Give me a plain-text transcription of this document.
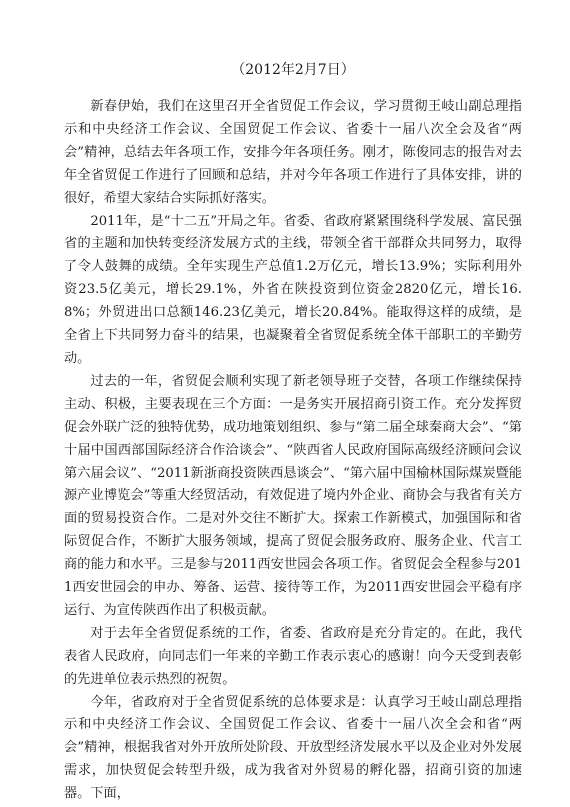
（2012年2月7日）

新春伊始，我们在这里召开全省贸促工作会议，学习贯彻王岐山副总理指示和中央经济工作会议、全国贸促工作会议、省委十一届八次全会及省“两会”精神，总结去年各项工作，安排今年各项任务。刚才，陈俊同志的报告对去年全省贸促工作进行了回顾和总结，并对今年各项工作进行了具体安排，讲的很好，希望大家结合实际抓好落实。

2011年，是“十二五”开局之年。省委、省政府紧紧围绕科学发展、富民强省的主题和加快转变经济发展方式的主线，带领全省干部群众共同努力，取得了令人鼓舞的成绩。全年实现生产总值1.2万亿元，增长13.9%；实际利用外资23.5亿美元，增长29.1%，外省在陕投资到位资金2820亿元，增长16.8%；外贸进出口总额146.23亿美元，增长20.84%。能取得这样的成绩，是全省上下共同努力奋斗的结果，也凝聚着全省贸促系统全体干部职工的辛勤劳动。

过去的一年，省贸促会顺利实现了新老领导班子交替，各项工作继续保持主动、积极，主要表现在三个方面：一是务实开展招商引资工作。充分发挥贸促会外联广泛的独特优势，成功地策划组织、参与“第二届全球秦商大会”、“第十届中国西部国际经济合作洽谈会”、“陕西省人民政府国际高级经济顾问会议第六届会议”、“2011新浙商投资陕西恳谈会”、“第六届中国榆林国际煤炭暨能源产业博览会”等重大经贸活动，有效促进了境内外企业、商协会与我省有关方面的贸易投资合作。二是对外交往不断扩大。探索工作新模式，加强国际和省际贸促合作，不断扩大服务领域，提高了贸促会服务政府、服务企业、代言工商的能力和水平。三是参与2011西安世园会各项工作。省贸促会全程参与2011西安世园会的申办、筹备、运营、接待等工作，为2011西安世园会平稳有序运行、为宣传陕西作出了积极贡献。

对于去年全省贸促系统的工作，省委、省政府是充分肯定的。在此，我代表省人民政府，向同志们一年来的辛勤工作表示衷心的感谢！向今天受到表彰的先进单位表示热烈的祝贺。

今年，省政府对于全省贸促系统的总体要求是：认真学习王岐山副总理指示和中央经济工作会议、全国贸促工作会议、省委十一届八次全会和省“两会”精神，根据我省对外开放所处阶段、开放型经济发展水平以及企业对外发展需求，加快贸促会转型升级，成为我省对外贸易的孵化器，招商引资的加速器。下面，
